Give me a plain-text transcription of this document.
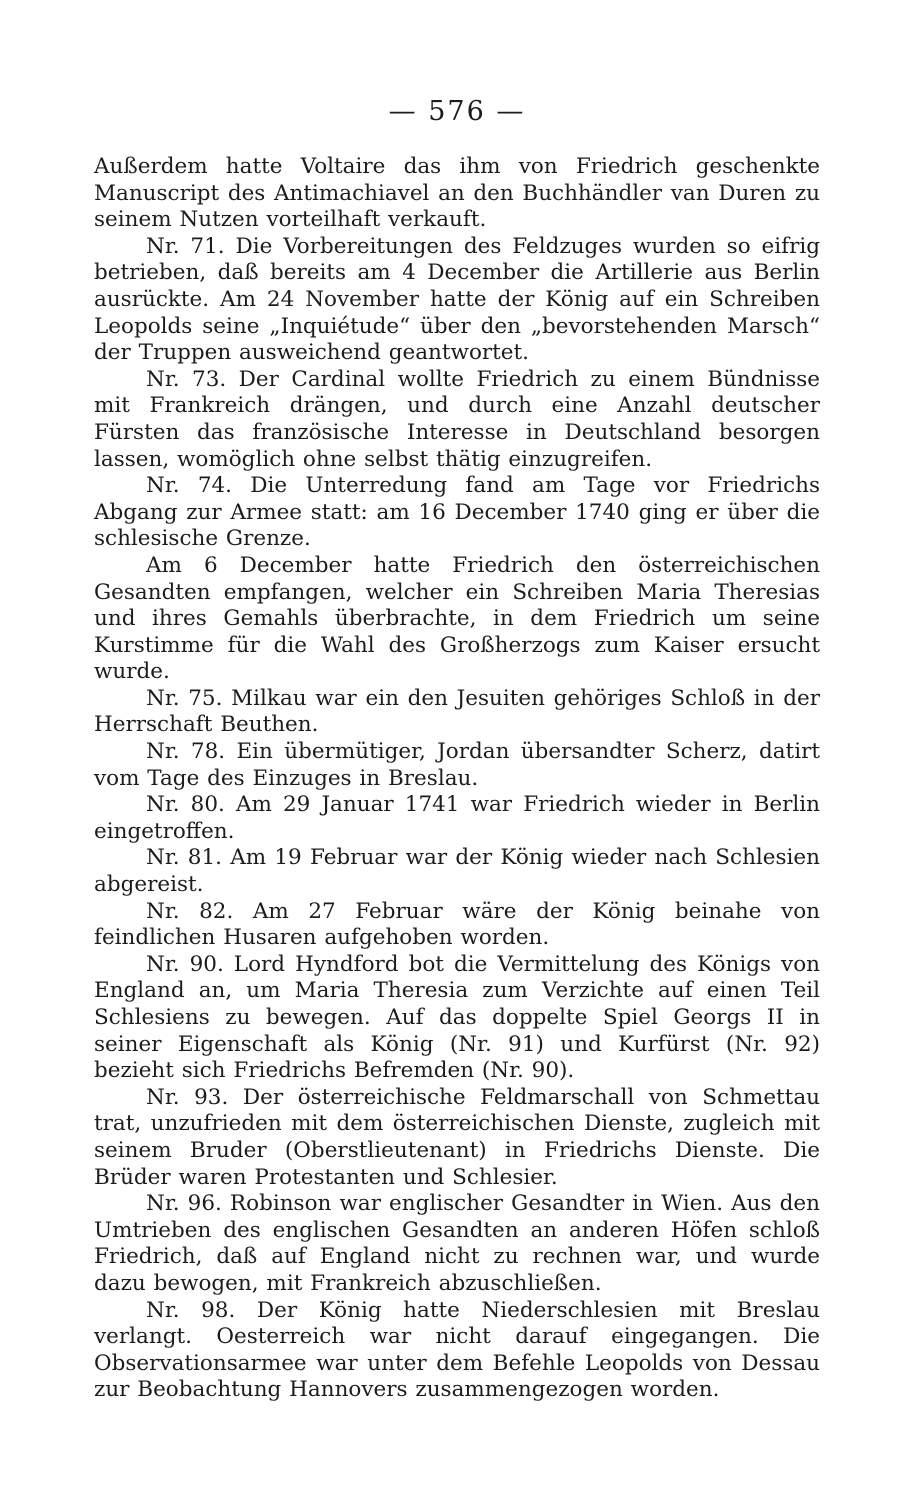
— 576 —

Außerdem hatte Voltaire das ihm von Friedrich geschenkte Manuscript des Antimachiavel an den Buchhändler van Duren zu seinem Nutzen vorteilhaft verkauft.

Nr. 71. Die Vorbereitungen des Feldzuges wurden so eifrig betrieben, daß bereits am 4 December die Artillerie aus Berlin ausrückte. Am 24 November hatte der König auf ein Schreiben Leopolds seine „Inquiétude“ über den „bevorstehenden Marsch“ der Truppen ausweichend geantwortet.

Nr. 73. Der Cardinal wollte Friedrich zu einem Bündnisse mit Frankreich drängen, und durch eine Anzahl deutscher Fürsten das französische Interesse in Deutschland besorgen lassen, womöglich ohne selbst thätig einzugreifen.

Nr. 74. Die Unterredung fand am Tage vor Friedrichs Abgang zur Armee statt: am 16 December 1740 ging er über die schlesische Grenze.

Am 6 December hatte Friedrich den österreichischen Gesandten empfangen, welcher ein Schreiben Maria Theresias und ihres Gemahls überbrachte, in dem Friedrich um seine Kurstimme für die Wahl des Großherzogs zum Kaiser ersucht wurde.

Nr. 75. Milkau war ein den Jesuiten gehöriges Schloß in der Herrschaft Beuthen.

Nr. 78. Ein übermütiger, Jordan übersandter Scherz, datirt vom Tage des Einzuges in Breslau.

Nr. 80. Am 29 Januar 1741 war Friedrich wieder in Berlin eingetroffen.

Nr. 81. Am 19 Februar war der König wieder nach Schlesien abgereist.

Nr. 82. Am 27 Februar wäre der König beinahe von feindlichen Husaren aufgehoben worden.

Nr. 90. Lord Hyndford bot die Vermittelung des Königs von England an, um Maria Theresia zum Verzichte auf einen Teil Schlesiens zu bewegen. Auf das doppelte Spiel Georgs II in seiner Eigenschaft als König (Nr. 91) und Kurfürst (Nr. 92) bezieht sich Friedrichs Befremden (Nr. 90).

Nr. 93. Der österreichische Feldmarschall von Schmettau trat, unzufrieden mit dem österreichischen Dienste, zugleich mit seinem Bruder (Oberstlieutenant) in Friedrichs Dienste. Die Brüder waren Protestanten und Schlesier.

Nr. 96. Robinson war englischer Gesandter in Wien. Aus den Umtrieben des englischen Gesandten an anderen Höfen schloß Friedrich, daß auf England nicht zu rechnen war, und wurde dazu bewogen, mit Frankreich abzuschließen.

Nr. 98. Der König hatte Niederschlesien mit Breslau verlangt. Oesterreich war nicht darauf eingegangen. Die Observationsarmee war unter dem Befehle Leopolds von Dessau zur Beobachtung Hannovers zusammengezogen worden.
